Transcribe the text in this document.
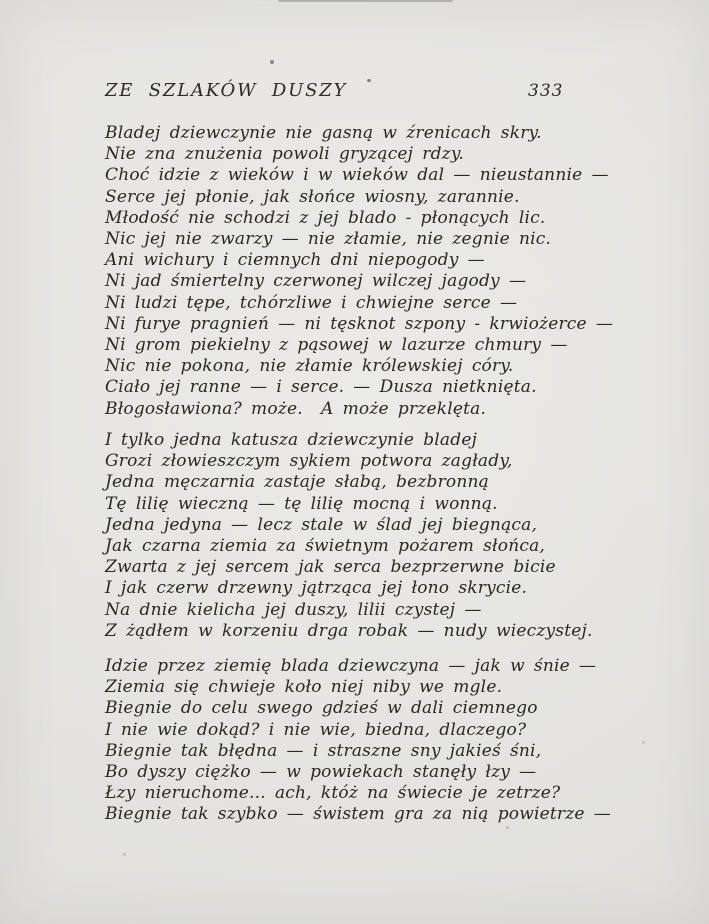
ZE SZLAKÓW DUSZY	333
Bladej dziewczynie nie gasną w źrenicach skry.
Nie zna znużenia powoli gryzącej rdzy.
Choć idzie z wieków i w wieków dal — nieustannie —
Serce jej płonie, jak słońce wiosny, zarannie.
Młodość nie schodzi z jej blado - płonących lic.
Nic jej nie zwarzy — nie złamie, nie zegnie nic.
Ani wichury i ciemnych dni niepogody —
Ni jad śmiertelny czerwonej wilczej jagody —
Ni ludzi tępe, tchórzliwe i chwiejne serce —
Ni furye pragnień — ni tęsknot szpony - krwiożerce —
Ni grom piekielny z pąsowej w lazurze chmury —
Nic nie pokona, nie złamie królewskiej córy.
Ciało jej ranne — i serce. — Dusza nietknięta.
Błogosławiona? może.  A może przeklęta.
I tylko jedna katusza dziewczynie bladej
Grozi złowieszczym sykiem potwora zagłady,
Jedna męczarnia zastaje słabą, bezbronną
Tę lilię wieczną — tę lilię mocną i wonną.
Jedna jedyna — lecz stale w ślad jej biegnąca,
Jak czarna ziemia za świetnym pożarem słońca,
Zwarta z jej sercem jak serca bezprzerwne bicie
I jak czerw drzewny jątrząca jej łono skrycie.
Na dnie kielicha jej duszy, lilii czystej —
Z żądłem w korzeniu drga robak — nudy wieczystej.
Idzie przez ziemię blada dziewczyna — jak w śnie —
Ziemia się chwieje koło niej niby we mgle.
Biegnie do celu swego gdzieś w dali ciemnego
I nie wie dokąd? i nie wie, biedna, dlaczego?
Biegnie tak błędna — i straszne sny jakieś śni,
Bo dyszy ciężko — w powiekach stanęły łzy —
Łzy nieruchome... ach, któż na świecie je zetrze?
Biegnie tak szybko — świstem gra za nią powietrze —
